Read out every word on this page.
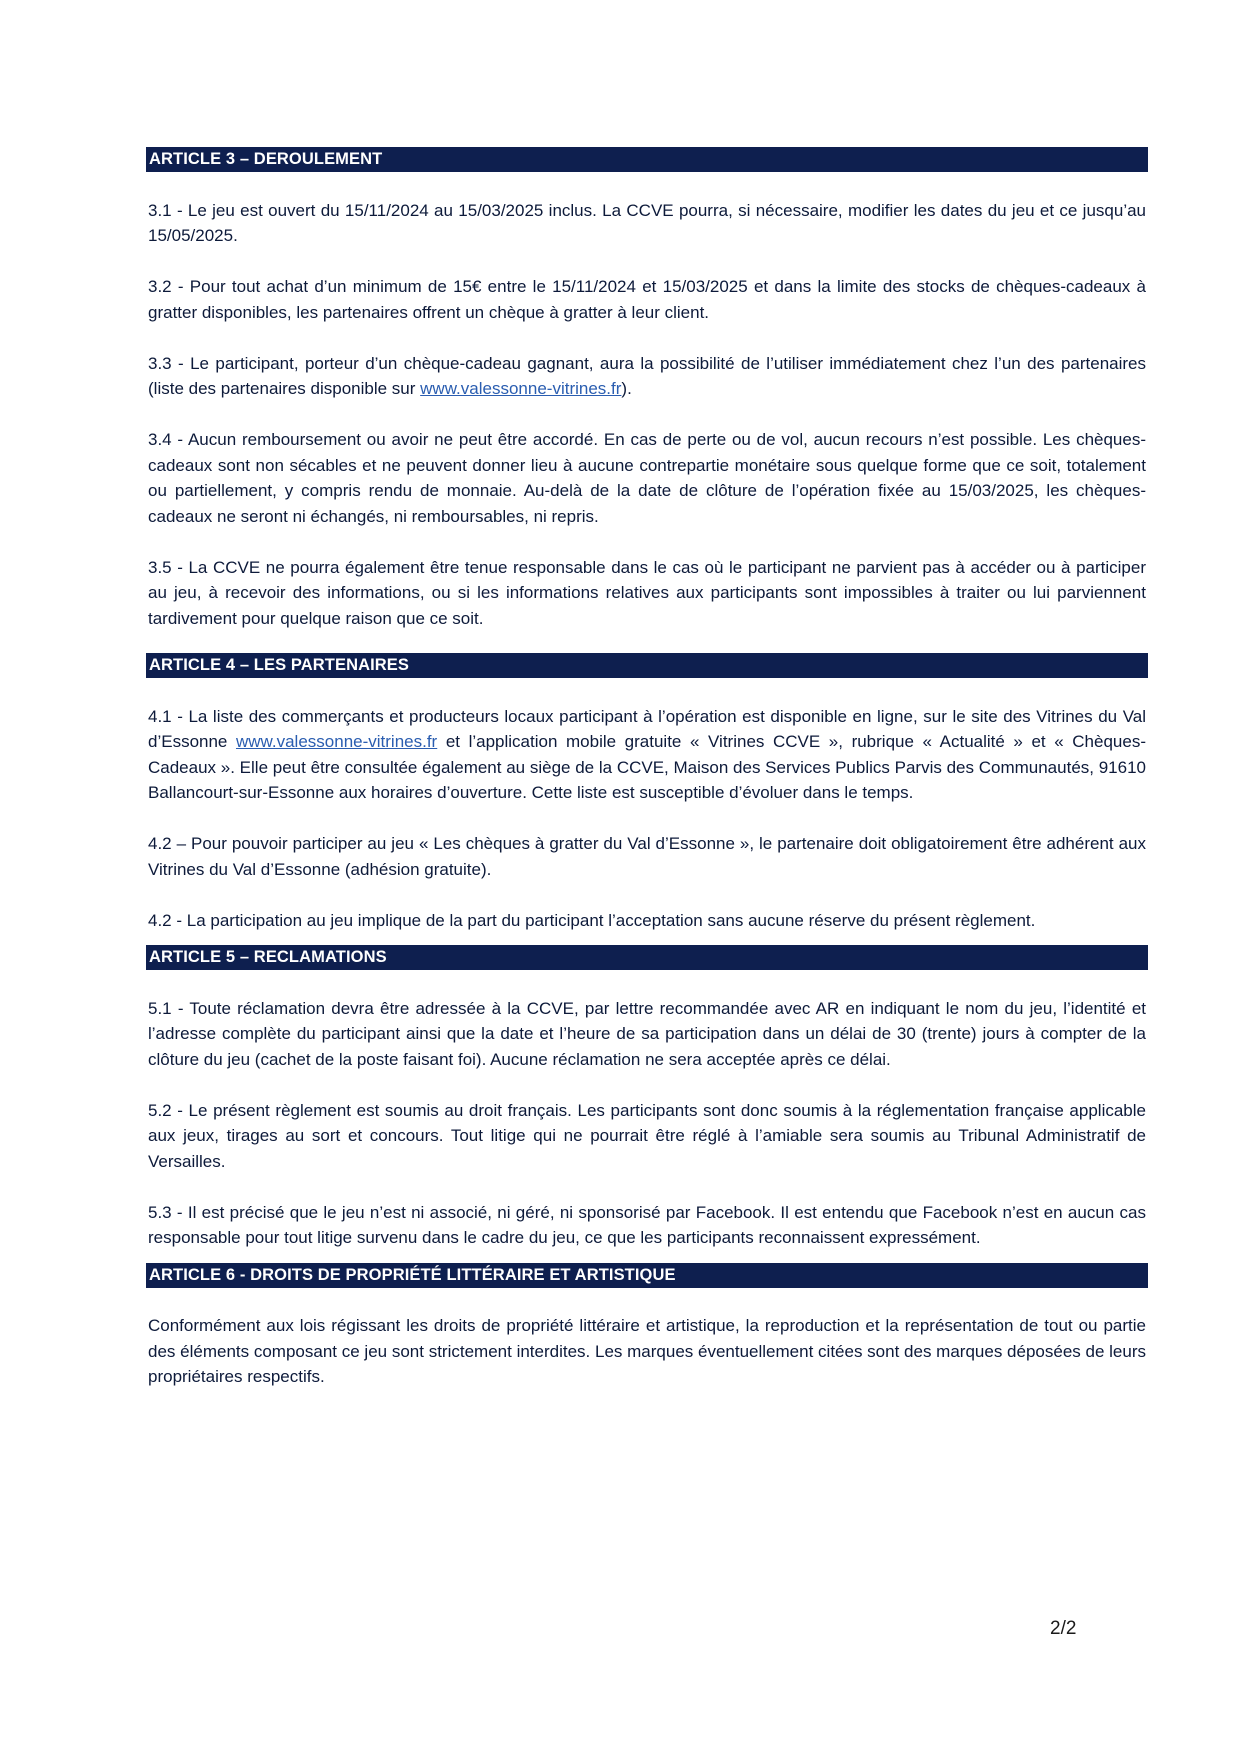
ARTICLE 3 – DEROULEMENT

3.1 - Le jeu est ouvert du 15/11/2024 au 15/03/2025 inclus. La CCVE pourra, si nécessaire, modifier les dates du jeu et ce jusqu’au 15/05/2025.

3.2 - Pour tout achat d’un minimum de 15€ entre le 15/11/2024 et 15/03/2025 et dans la limite des stocks de chèques-cadeaux à gratter disponibles, les partenaires offrent un chèque à gratter à leur client.

3.3 - Le participant, porteur d’un chèque-cadeau gagnant, aura la possibilité de l’utiliser immédiatement chez l’un des partenaires (liste des partenaires disponible sur www.valessonne-vitrines.fr).

3.4 - Aucun remboursement ou avoir ne peut être accordé. En cas de perte ou de vol, aucun recours n’est possible. Les chèques-cadeaux sont non sécables et ne peuvent donner lieu à aucune contrepartie monétaire sous quelque forme que ce soit, totalement ou partiellement, y compris rendu de monnaie. Au-delà de la date de clôture de l’opération fixée au 15/03/2025, les chèques-cadeaux ne seront ni échangés, ni remboursables, ni repris.

3.5 - La CCVE ne pourra également être tenue responsable dans le cas où le participant ne parvient pas à accéder ou à participer au jeu, à recevoir des informations, ou si les informations relatives aux participants sont impossibles à traiter ou lui parviennent tardivement pour quelque raison que ce soit.

ARTICLE 4 – LES PARTENAIRES

4.1 - La liste des commerçants et producteurs locaux participant à l’opération est disponible en ligne, sur le site des Vitrines du Val d’Essonne www.valessonne-vitrines.fr et l’application mobile gratuite « Vitrines CCVE », rubrique « Actualité » et « Chèques-Cadeaux ». Elle peut être consultée également au siège de la CCVE, Maison des Services Publics Parvis des Communautés, 91610 Ballancourt-sur-Essonne aux horaires d’ouverture. Cette liste est susceptible d’évoluer dans le temps.

4.2 – Pour pouvoir participer au jeu « Les chèques à gratter du Val d’Essonne », le partenaire doit obligatoirement être adhérent aux Vitrines du Val d’Essonne (adhésion gratuite).

4.2 - La participation au jeu implique de la part du participant l’acceptation sans aucune réserve du présent règlement.

ARTICLE 5 – RECLAMATIONS

5.1 - Toute réclamation devra être adressée à la CCVE, par lettre recommandée avec AR en indiquant le nom du jeu, l’identité et l’adresse complète du participant ainsi que la date et l’heure de sa participation dans un délai de 30 (trente) jours à compter de la clôture du jeu (cachet de la poste faisant foi). Aucune réclamation ne sera acceptée après ce délai.

5.2 - Le présent règlement est soumis au droit français. Les participants sont donc soumis à la réglementation française applicable aux jeux, tirages au sort et concours. Tout litige qui ne pourrait être réglé à l’amiable sera soumis au Tribunal Administratif de Versailles.

5.3 - Il est précisé que le jeu n’est ni associé, ni géré, ni sponsorisé par Facebook. Il est entendu que Facebook n’est en aucun cas responsable pour tout litige survenu dans le cadre du jeu, ce que les participants reconnaissent expressément.

ARTICLE 6 - DROITS DE PROPRIÉTÉ LITTÉRAIRE ET ARTISTIQUE

Conformément aux lois régissant les droits de propriété littéraire et artistique, la reproduction et la représentation de tout ou partie des éléments composant ce jeu sont strictement interdites. Les marques éventuellement citées sont des marques déposées de leurs propriétaires respectifs.

2/2
